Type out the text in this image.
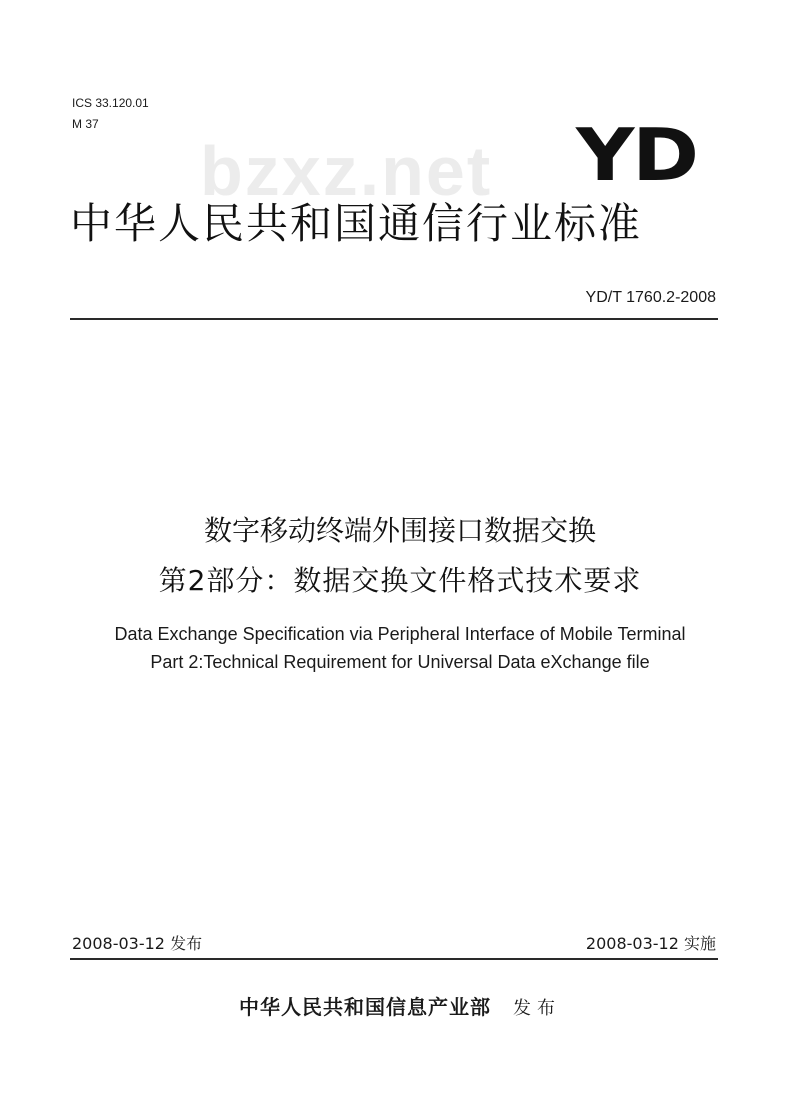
ICS 33.120.01
M 37
bzxz.net YD
中华人民共和国通信行业标准
YD/T 1760.2-2008
数字移动终端外围接口数据交换
第2部分：数据交换文件格式技术要求
Data Exchange Specification via Peripheral Interface of Mobile Terminal
Part 2:Technical Requirement for Universal Data eXchange file
2008-03-12 发布	2008-03-12 实施
中华人民共和国信息产业部 发布
